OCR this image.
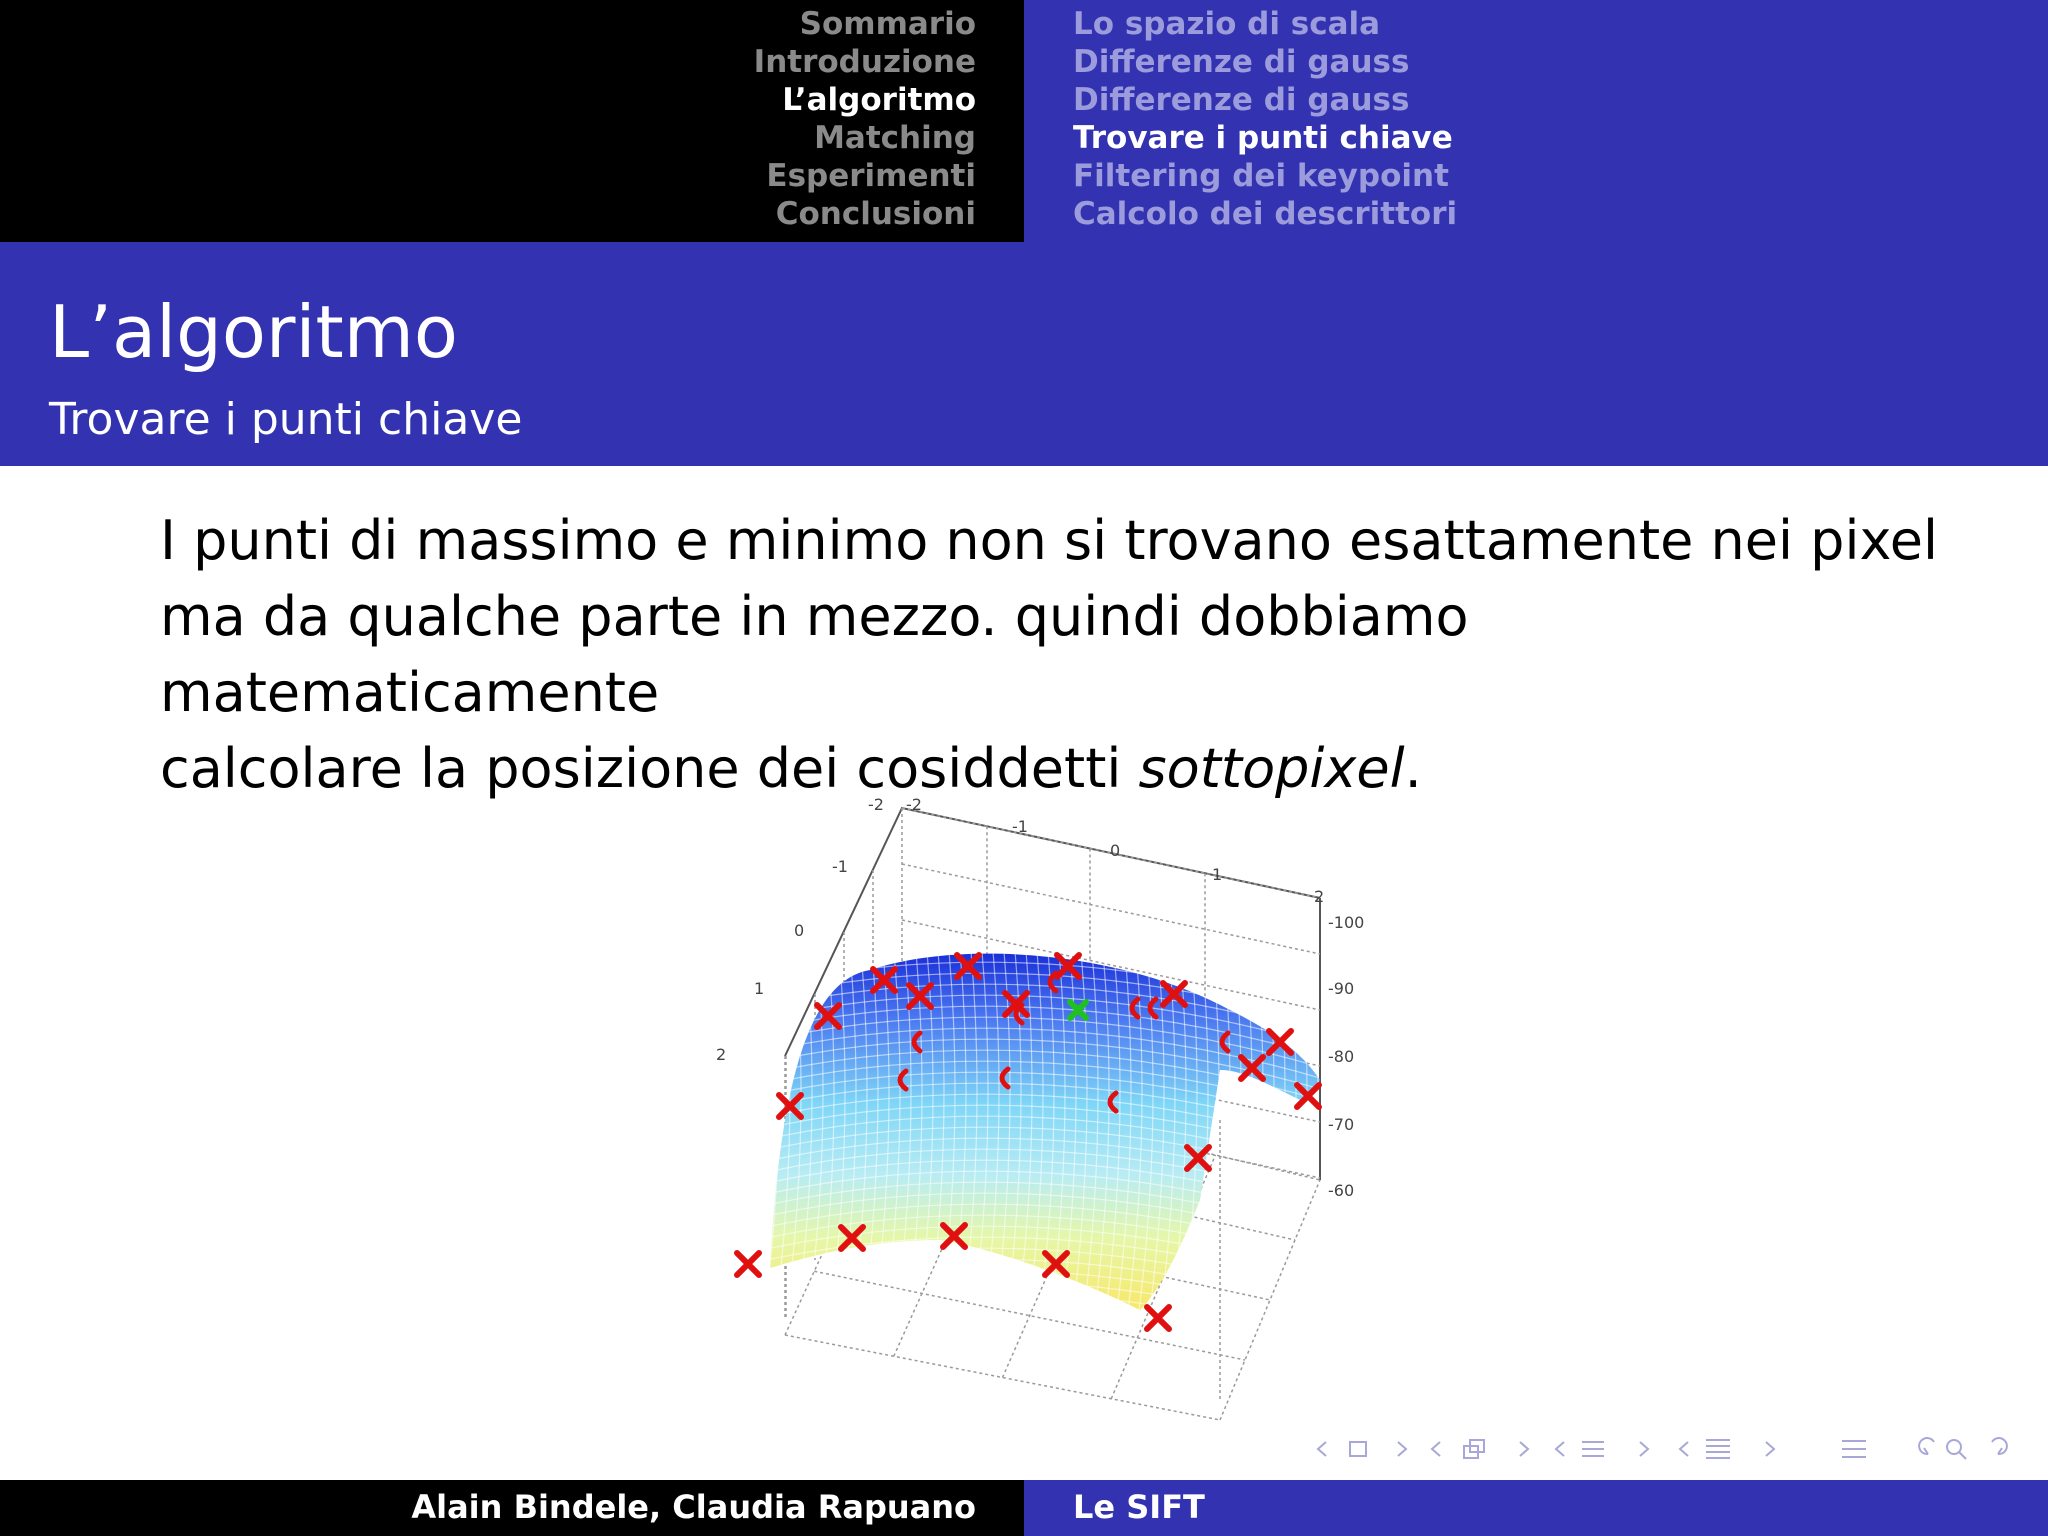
Sommario
Introduzione
L’algoritmo
Matching
Esperimenti
Conclusioni
Lo spazio di scala
Differenze di gauss
Differenze di gauss
Trovare i punti chiave
Filtering dei keypoint
Calcolo dei descrittori
L’algoritmo
Trovare i punti chiave
I punti di massimo e minimo non si trovano esattamente nei pixel
ma da qualche parte in mezzo. quindi dobbiamo matematicamente
calcolare la posizione dei cosiddetti sottopixel.
-2
-1
0
1
2
-2
-1
0
1
2
-100
-90
-80
-70
-60
Alain Bindele, Claudia Rapuano	Le SIFT
